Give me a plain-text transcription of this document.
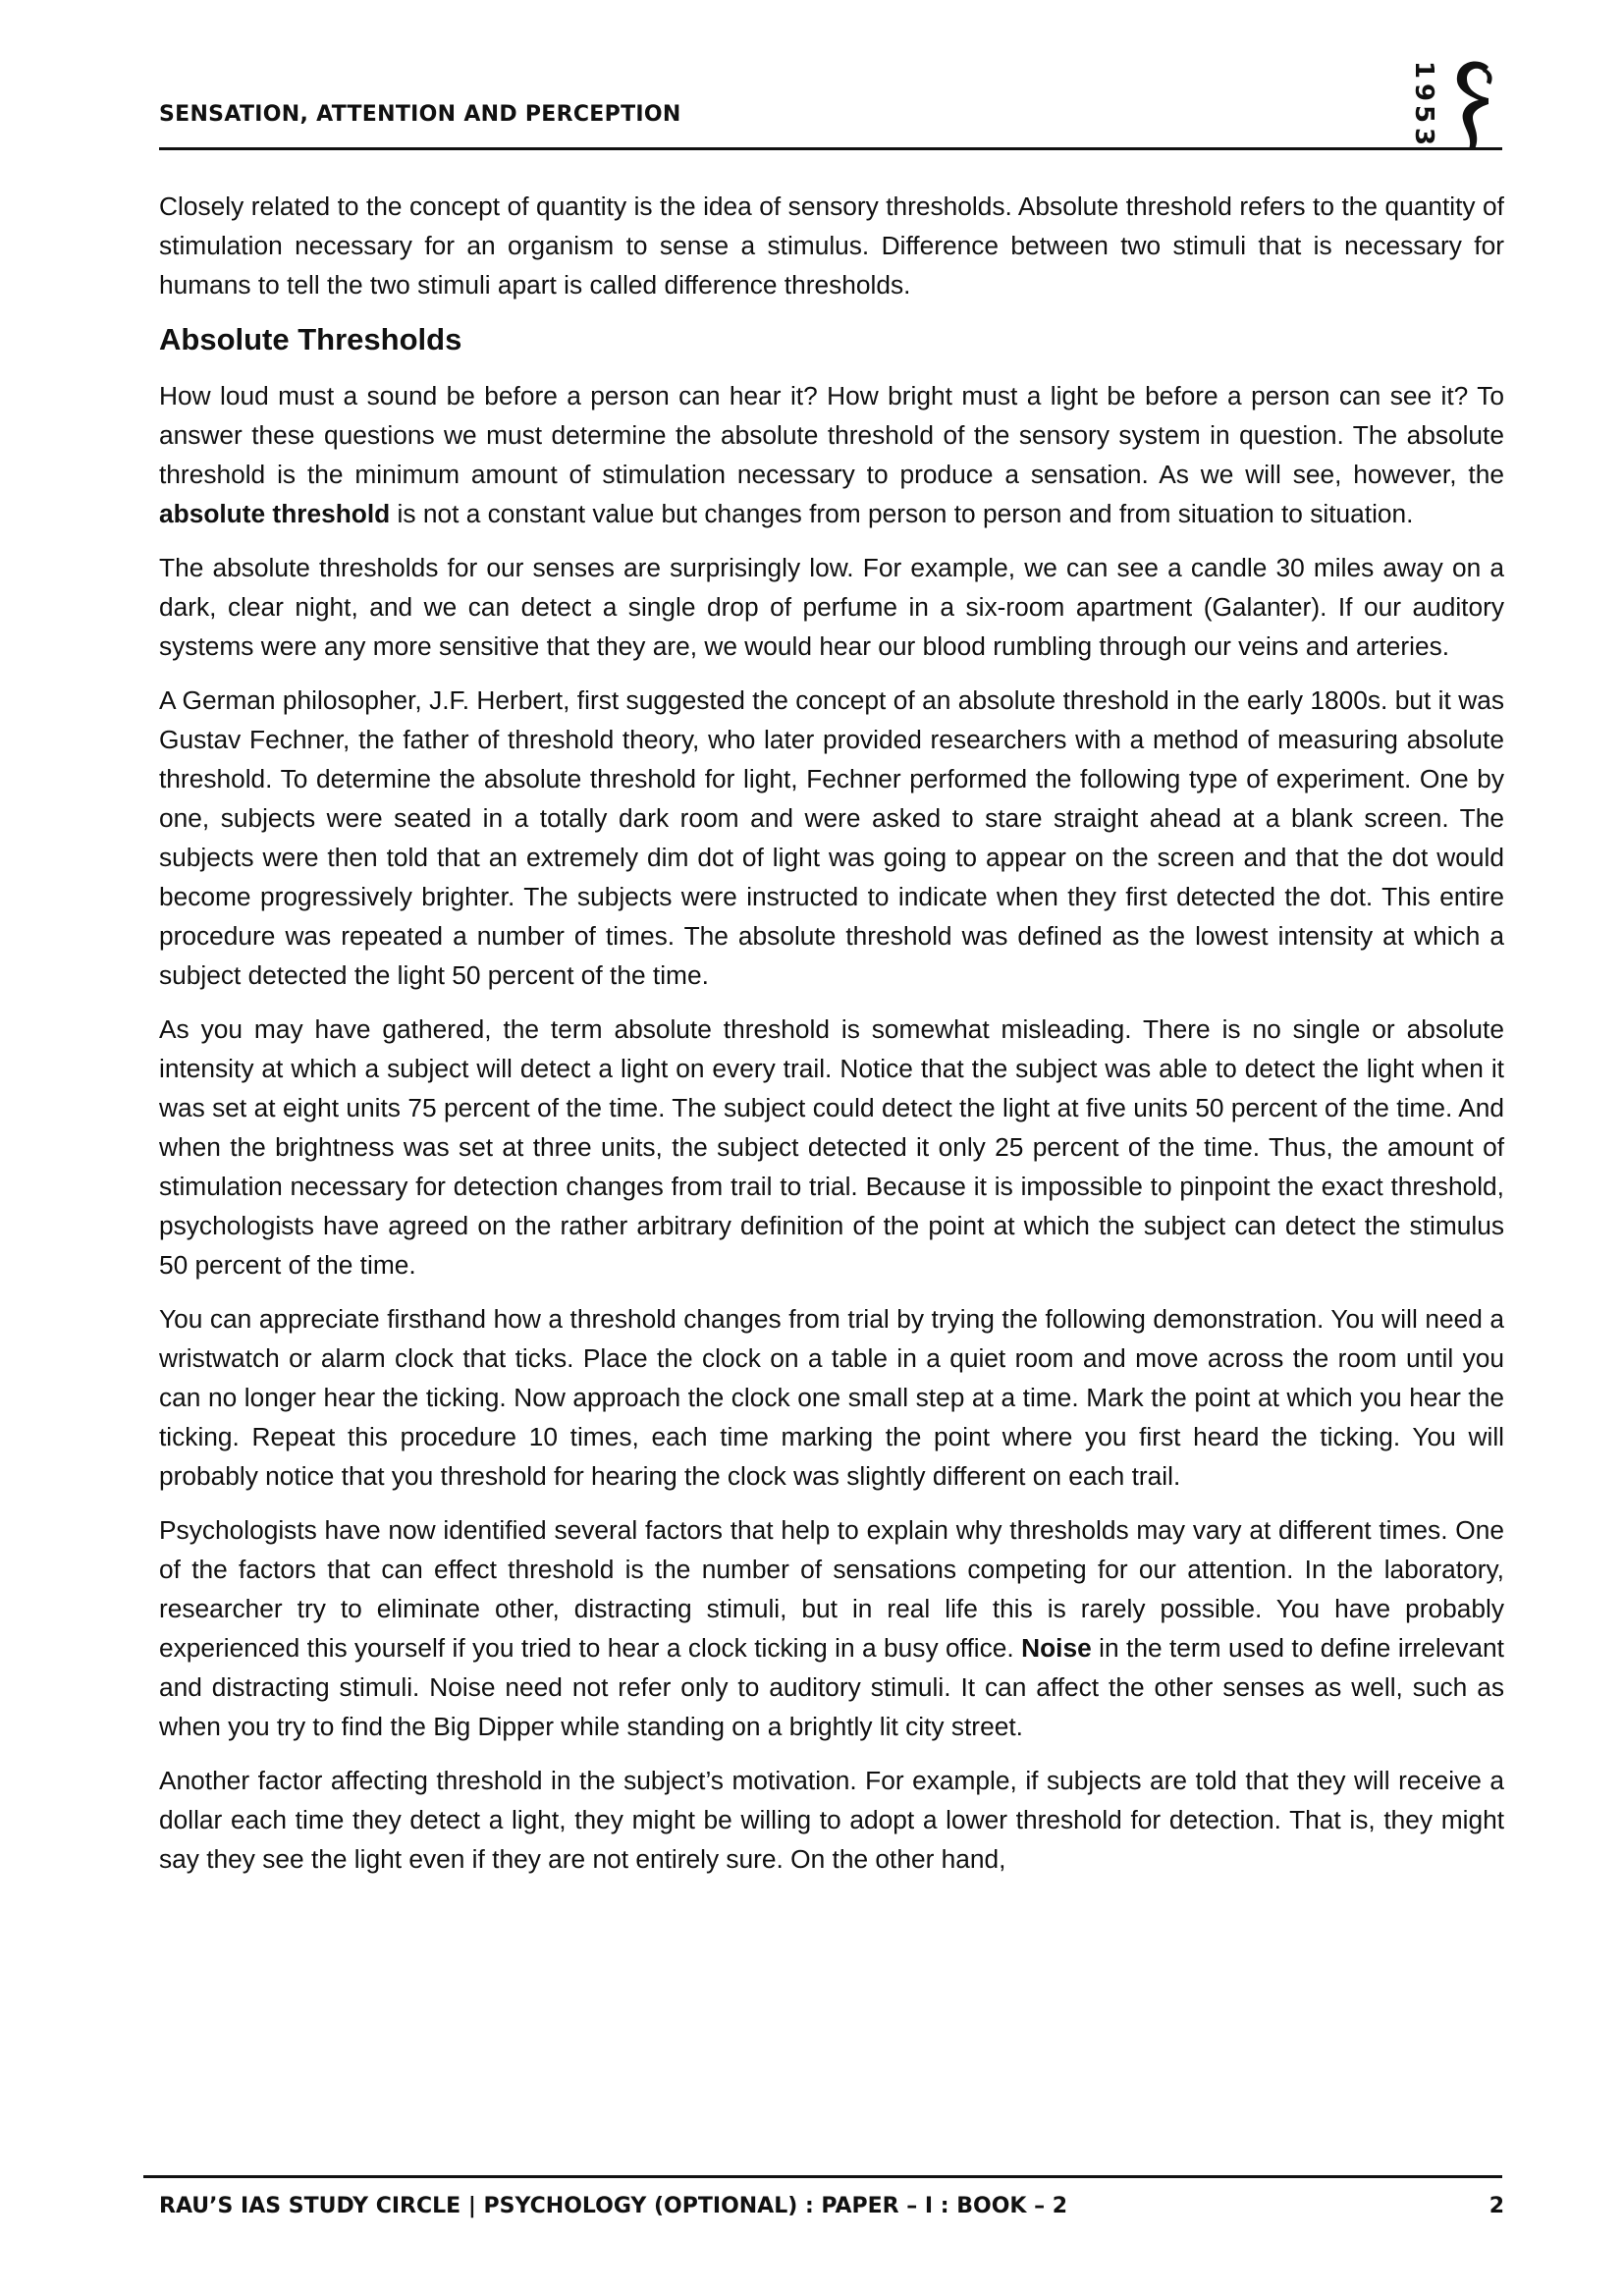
SENSATION, ATTENTION AND PERCEPTION
1
9
5
3

Closely related to the concept of quantity is the idea of sensory thresholds. Absolute threshold refers to the quantity of stimulation necessary for an organism to sense a stimulus. Difference between two stimuli that is necessary for humans to tell the two stimuli apart is called difference thresholds.

Absolute Thresholds

How loud must a sound be before a person can hear it? How bright must a light be before a person can see it? To answer these questions we must determine the absolute threshold of the sensory system in question. The absolute threshold is the minimum amount of stimulation necessary to produce a sensation. As we will see, however, the absolute threshold is not a constant value but changes from person to person and from situation to situation.

The absolute thresholds for our senses are surprisingly low. For example, we can see a candle 30 miles away on a dark, clear night, and we can detect a single drop of perfume in a six-room apartment (Galanter). If our auditory systems were any more sensitive that they are, we would hear our blood rumbling through our veins and arteries.

A German philosopher, J.F. Herbert, first suggested the concept of an absolute threshold in the early 1800s. but it was Gustav Fechner, the father of threshold theory, who later provided researchers with a method of measuring absolute threshold. To determine the absolute threshold for light, Fechner performed the following type of experiment. One by one, subjects were seated in a totally dark room and were asked to stare straight ahead at a blank screen. The subjects were then told that an extremely dim dot of light was going to appear on the screen and that the dot would become progressively brighter. The subjects were instructed to indicate when they first detected the dot. This entire procedure was repeated a number of times. The absolute threshold was defined as the lowest intensity at which a subject detected the light 50 percent of the time.

As you may have gathered, the term absolute threshold is somewhat misleading. There is no single or absolute intensity at which a subject will detect a light on every trail. Notice that the subject was able to detect the light when it was set at eight units 75 percent of the time. The subject could detect the light at five units 50 percent of the time. And when the brightness was set at three units, the subject detected it only 25 percent of the time. Thus, the amount of stimulation necessary for detection changes from trail to trial. Because it is impossible to pinpoint the exact threshold, psychologists have agreed on the rather arbitrary definition of the point at which the subject can detect the stimulus 50 percent of the time.

You can appreciate firsthand how a threshold changes from trial by trying the following demonstration. You will need a wristwatch or alarm clock that ticks. Place the clock on a table in a quiet room and move across the room until you can no longer hear the ticking. Now approach the clock one small step at a time. Mark the point at which you hear the ticking. Repeat this procedure 10 times, each time marking the point where you first heard the ticking. You will probably notice that you threshold for hearing the clock was slightly different on each trail.

Psychologists have now identified several factors that help to explain why thresholds may vary at different times. One of the factors that can effect threshold is the number of sensations competing for our attention. In the laboratory, researcher try to eliminate other, distracting stimuli, but in real life this is rarely possible. You have probably experienced this yourself if you tried to hear a clock ticking in a busy office. Noise in the term used to define irrelevant and distracting stimuli. Noise need not refer only to auditory stimuli. It can affect the other senses as well, such as when you try to find the Big Dipper while standing on a brightly lit city street.

Another factor affecting threshold in the subject’s motivation. For example, if subjects are told that they will receive a dollar each time they detect a light, they might be willing to adopt a lower threshold for detection. That is, they might say they see the light even if they are not entirely sure. On the other hand,

RAU’S IAS STUDY CIRCLE | PSYCHOLOGY (OPTIONAL) : PAPER – I : BOOK – 2	2
